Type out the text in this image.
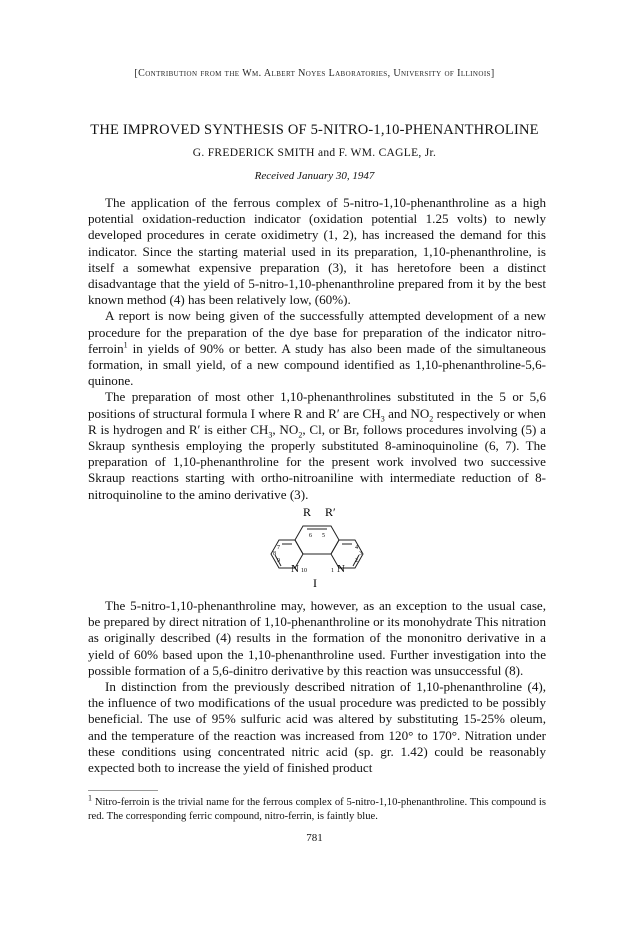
[Contribution from the Wm. Albert Noyes Laboratories, University of Illinois]
THE IMPROVED SYNTHESIS OF 5-NITRO-1,10-PHENANTHROLINE
G. FREDERICK SMITH and F. WM. CAGLE, Jr.
Received January 30, 1947

The application of the ferrous complex of 5-nitro-1,10-phenanthroline as a high potential oxidation-reduction indicator (oxidation potential 1.25 volts) to newly developed procedures in cerate oxidimetry (1, 2), has increased the demand for this indicator. Since the starting material used in its preparation, 1,10-phenanthroline, is itself a somewhat expensive preparation (3), it has heretofore been a distinct disadvantage that the yield of 5-nitro-1,10-phenanthroline prepared from it by the best known method (4) has been relatively low, (60%).

A report is now being given of the successfully attempted development of a new procedure for the preparation of the dye base for preparation of the indicator nitro-ferroin$^1$ in yields of 90% or better. A study has also been made of the simultaneous formation, in small yield, of a new compound identified as 1,10-phenanthroline-5,6-quinone.

The preparation of most other 1,10-phenanthrolines substituted in the 5 or 5,6 positions of structural formula I where R and R′ are $CH_3$ and $NO_2$ respectively or when R is hydrogen and R′ is either $CH_3$, $NO_2$, Cl, or Br, follows procedures involving (5) a Skraup synthesis employing the properly substituted 8-aminoquinoline (6, 7). The preparation of 1,10-phenanthroline for the present work involved two successive Skraup reactions starting with ortho-nitroaniline with intermediate reduction of 8-nitroquinoline to the amino derivative (3).

R R′
6 5
7
8
9
4
3
2
N 10	1 N
I

The 5-nitro-1,10-phenanthroline may, however, as an exception to the usual case, be prepared by direct nitration of 1,10-phenanthroline or its monohydrate This nitration as originally described (4) results in the formation of the mononitro derivative in a yield of 60% based upon the 1,10-phenanthroline used. Further investigation into the possible formation of a 5,6-dinitro derivative by this reaction was unsuccessful (8).

In distinction from the previously described nitration of 1,10-phenanthroline (4), the influence of two modifications of the usual procedure was predicted to be possibly beneficial. The use of 95% sulfuric acid was altered by substituting 15-25% oleum, and the temperature of the reaction was increased from 120° to 170°. Nitration under these conditions using concentrated nitric acid (sp. gr. 1.42) could be reasonably expected both to increase the yield of finished product

$^1$ Nitro-ferroin is the trivial name for the ferrous complex of 5-nitro-1,10-phenanthroline. This compound is red. The corresponding ferric compound, nitro-ferrin, is faintly blue.
781
